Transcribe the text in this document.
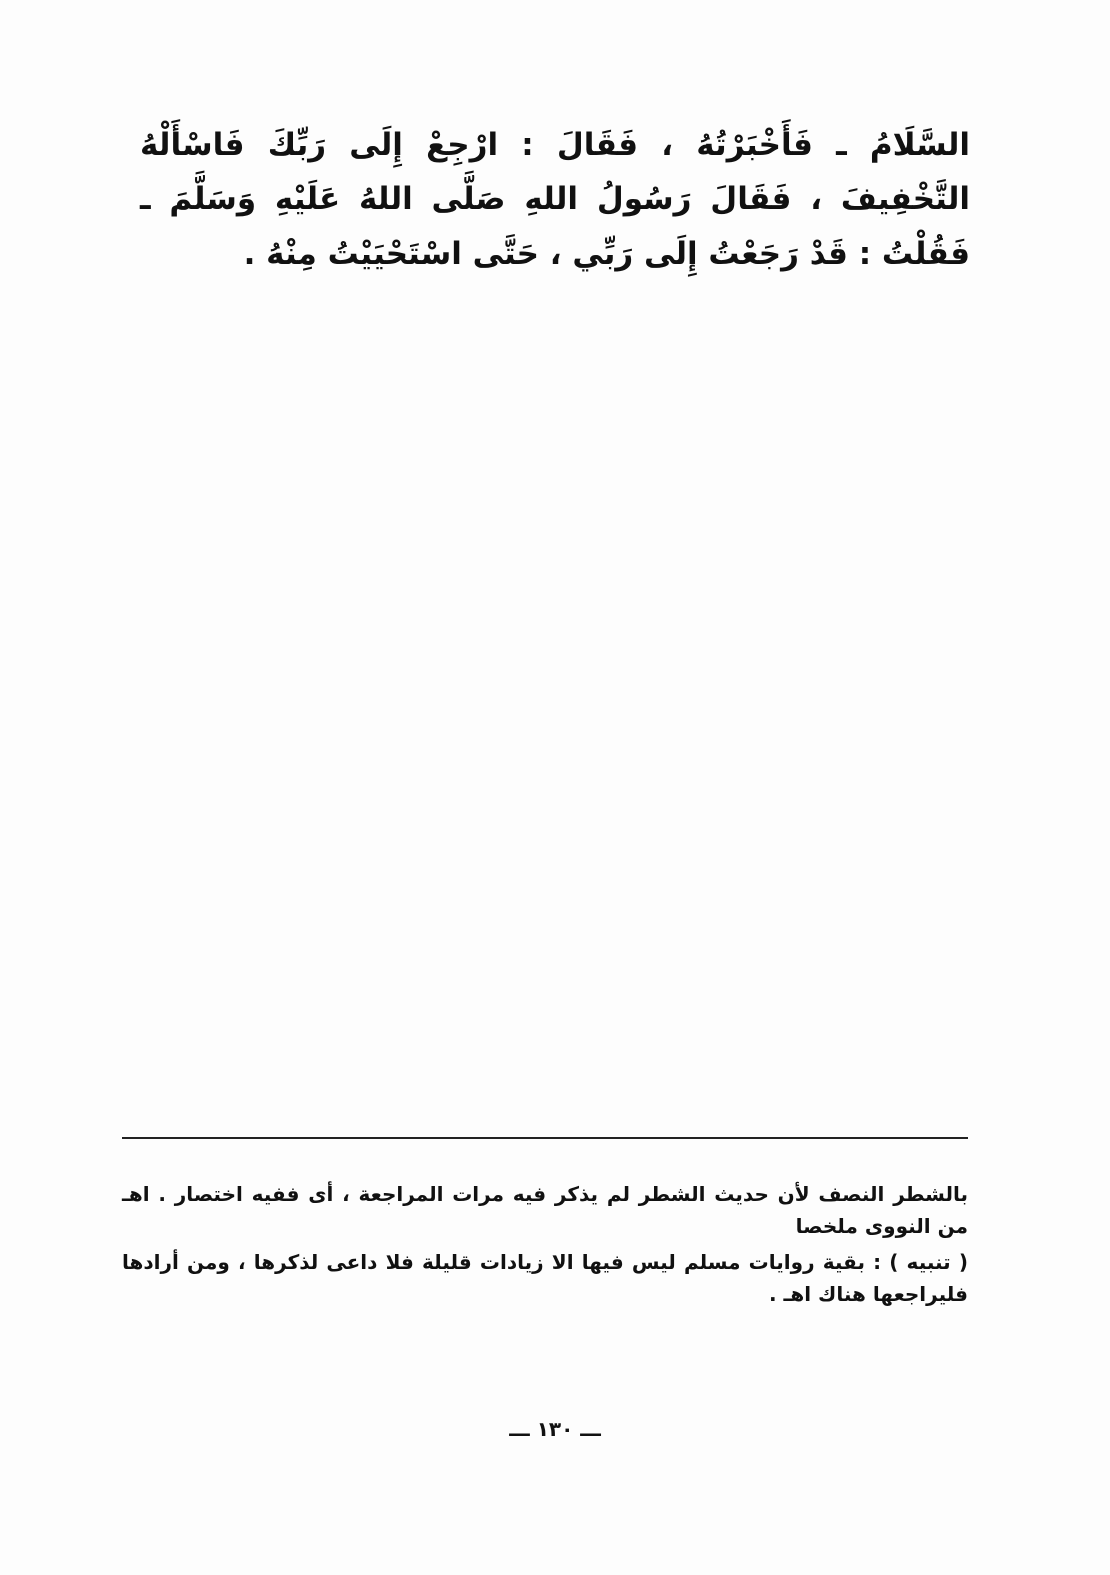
السَّلَامُ ـ فَأَخْبَرْتُهُ ، فَقَالَ : ارْجِعْ إِلَى رَبِّكَ فَاسْأَلْهُ التَّخْفِيفَ ، فَقَالَ رَسُولُ اللهِ صَلَّى اللهُ عَلَيْهِ وَسَلَّمَ ـ فَقُلْتُ : قَدْ رَجَعْتُ إِلَى رَبِّي ، حَتَّى اسْتَحْيَيْتُ مِنْهُ .

بالشطر النصف لأن حديث الشطر لم يذكر فيه مرات المراجعة ، أى ففيه اختصار . اهـ من النووى ملخصا

( تنبيه ) : بقية روايات مسلم ليس فيها الا زيادات قليلة فلا داعى لذكرها ، ومن أرادها فليراجعها هناك اهـ .

ـــ ١٣٠ ـــ
